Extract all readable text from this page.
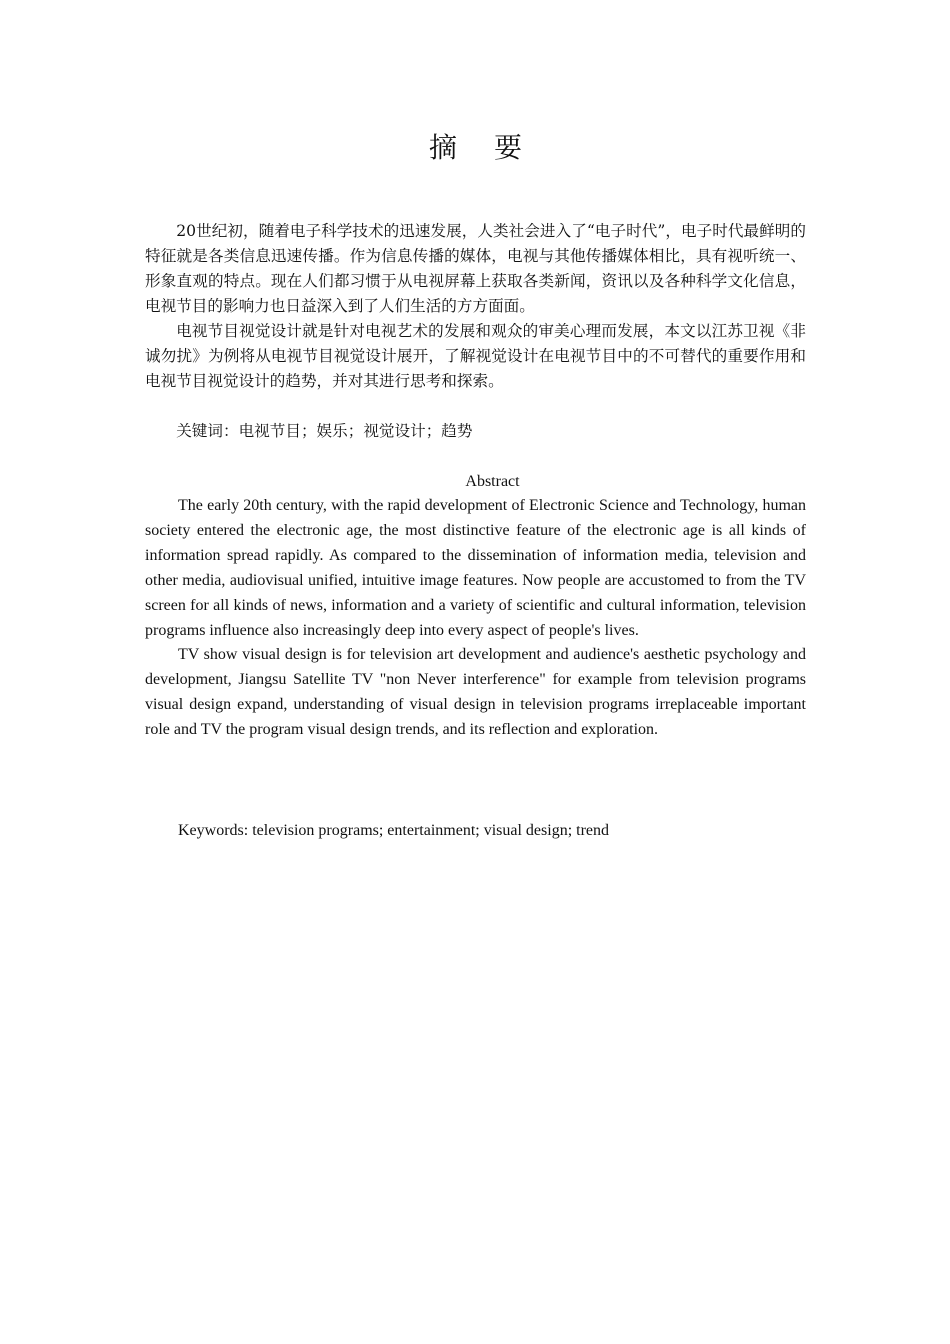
摘 要

20世纪初，随着电子科学技术的迅速发展，人类社会进入了“电子时代”，电子时代最鲜明的特征就是各类信息迅速传播。作为信息传播的媒体，电视与其他传播媒体相比，具有视听统一、形象直观的特点。现在人们都习惯于从电视屏幕上获取各类新闻，资讯以及各种科学文化信息，电视节目的影响力也日益深入到了人们生活的方方面面。

电视节目视觉设计就是针对电视艺术的发展和观众的审美心理而发展，本文以江苏卫视《非诚勿扰》为例将从电视节目视觉设计展开，了解视觉设计在电视节目中的不可替代的重要作用和电视节目视觉设计的趋势，并对其进行思考和探索。

关键词：电视节目；娱乐；视觉设计；趋势
Abstract

The early 20th century, with the rapid development of Electronic Science and Technology, human society entered the electronic age, the most distinctive feature of the electronic age is all kinds of information spread rapidly. As compared to the dissemination of information media, television and other media, audiovisual unified, intuitive image features. Now people are accustomed to from the TV screen for all kinds of news, information and a variety of scientific and cultural information, television programs influence also increasingly deep into every aspect of people's lives.

TV show visual design is for television art development and audience's aesthetic psychology and development, Jiangsu Satellite TV "non Never interference" for example from television programs visual design expand, understanding of visual design in television programs irreplaceable important role and TV the program visual design trends, and its reflection and exploration.

Keywords: television programs; entertainment; visual design; trend
